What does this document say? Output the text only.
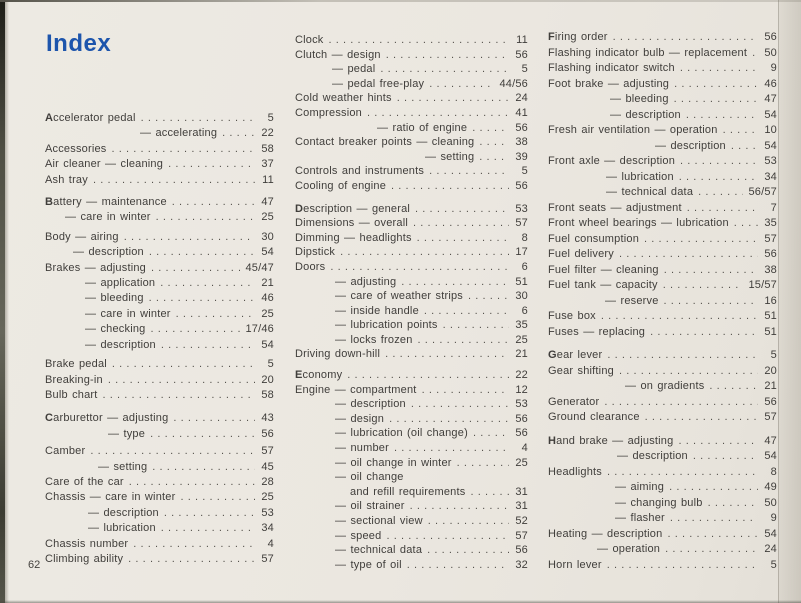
Index
62
Accelerator pedal .....	5
— accelerating .....	22
Accessories .....	58
Air cleaner — cleaning .....	37
Ash tray .....	11
Battery — maintenance .....	47
— care in winter .....	25
Body — airing .....	30
— description .....	54
Brakes — adjusting .....	45/47
— application .....	21
— bleeding .....	46
— care in winter .....	25
— checking .....	17/46
— description .....	54
Brake pedal .....	5
Breaking-in .....	20
Bulb chart .....	58
Carburettor — adjusting .....	43
— type .....	56
Camber .....	57
— setting .....	45
Care of the car .....	28
Chassis — care in winter .....	25
— description .....	53
— lubrication .....	34
Chassis number .....	4
Climbing ability .....	57
Clock .....	11
Clutch — design .....	56
— pedal .....	5
— pedal free-play .....	44/56
Cold weather hints .....	24
Compression .....	41
— ratio of engine .....	56
Contact breaker points — cleaning .....	38
— setting .....	39
Controls and instruments .....	5
Cooling of engine .....	56
Description — general .....	53
Dimensions — overall .....	57
Dimming — headlights .....	8
Dipstick .....	17
Doors .....	6
— adjusting .....	51
— care of weather strips .....	30
— inside handle .....	6
— lubrication points .....	35
— locks frozen .....	25
Driving down-hill .....	21
Economy .....	22
Engine — compartment .....	12
— description .....	53
— design .....	56
— lubrication (oil change) .....	56
— number .....	4
— oil change in winter .....	25
— oil change
and refill requirements .....	31
— oil strainer .....	31
— sectional view .....	52
— speed .....	57
— technical data .....	56
— type of oil .....	32
Firing order .....	56
Flashing indicator bulb — replacement ..... 50
Flashing indicator switch .....	9
Foot brake — adjusting .....	46
— bleeding .....	47
— description .....	54
Fresh air ventilation — operation .....	10
— description .....	54
Front axle — description .....	53
— lubrication .....	34
— technical data .....	56/57
Front seats — adjustment .....	7
Front wheel bearings — lubrication .....	35
Fuel consumption .....	57
Fuel delivery .....	56
Fuel filter — cleaning .....	38
Fuel tank — capacity .....	15/57
— reserve .....	16
Fuse box .....	51
Fuses — replacing .....	51
Gear lever .....	5
Gear shifting .....	20
— on gradients .....	21
Generator .....	56
Ground clearance .....	57
Hand brake — adjusting .....	47
— description .....	54
Headlights .....	8
— aiming .....	49
— changing bulb .....	50
— flasher .....	9
Heating — description .....	54
— operation .....	24
Horn lever .....	5
